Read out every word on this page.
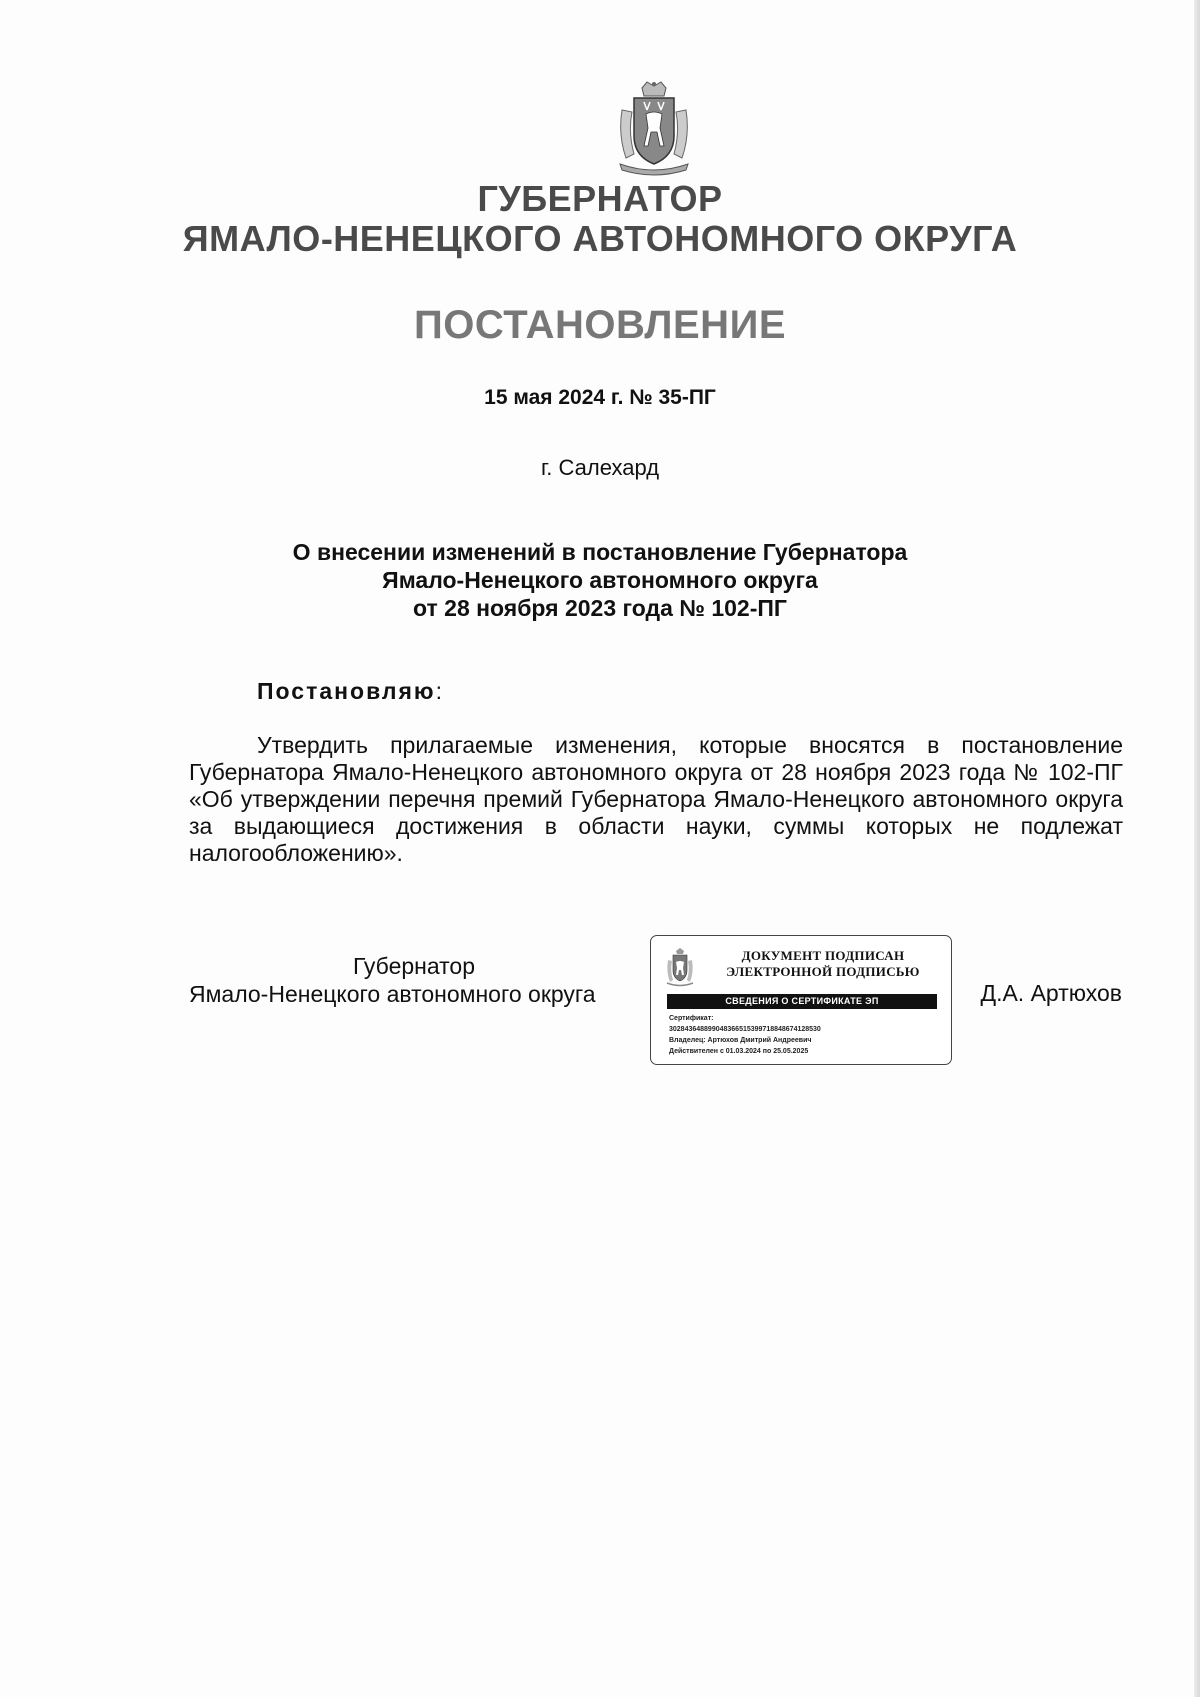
ГУБЕРНАТОР
ЯМАЛО-НЕНЕЦКОГО АВТОНОМНОГО ОКРУГА
ПОСТАНОВЛЕНИЕ
15 мая 2024 г. № 35-ПГ
г. Салехард
О внесении изменений в постановление Губернатора
Ямало-Ненецкого автономного округа
от 28 ноября 2023 года № 102-ПГ
Постановляю:

Утвердить прилагаемые изменения, которые вносятся в постановление Губернатора Ямало-Ненецкого автономного округа от 28 ноября 2023 года № 102-ПГ «Об утверждении перечня премий Губернатора Ямало-Ненецкого автономного округа за выдающиеся достижения в области науки, суммы которых не подлежат налогообложению».

Губернатор
Ямало-Ненецкого автономного округа
ДОКУМЕНТ ПОДПИСАН
ЭЛЕКТРОННОЙ ПОДПИСЬЮ
СВЕДЕНИЯ О СЕРТИФИКАТЕ ЭП
Сертификат:
302843648899048366515399718848674128530
Владелец: Артюхов Дмитрий Андреевич
Действителен с 01.03.2024 по 25.05.2025
Д.А. Артюхов
